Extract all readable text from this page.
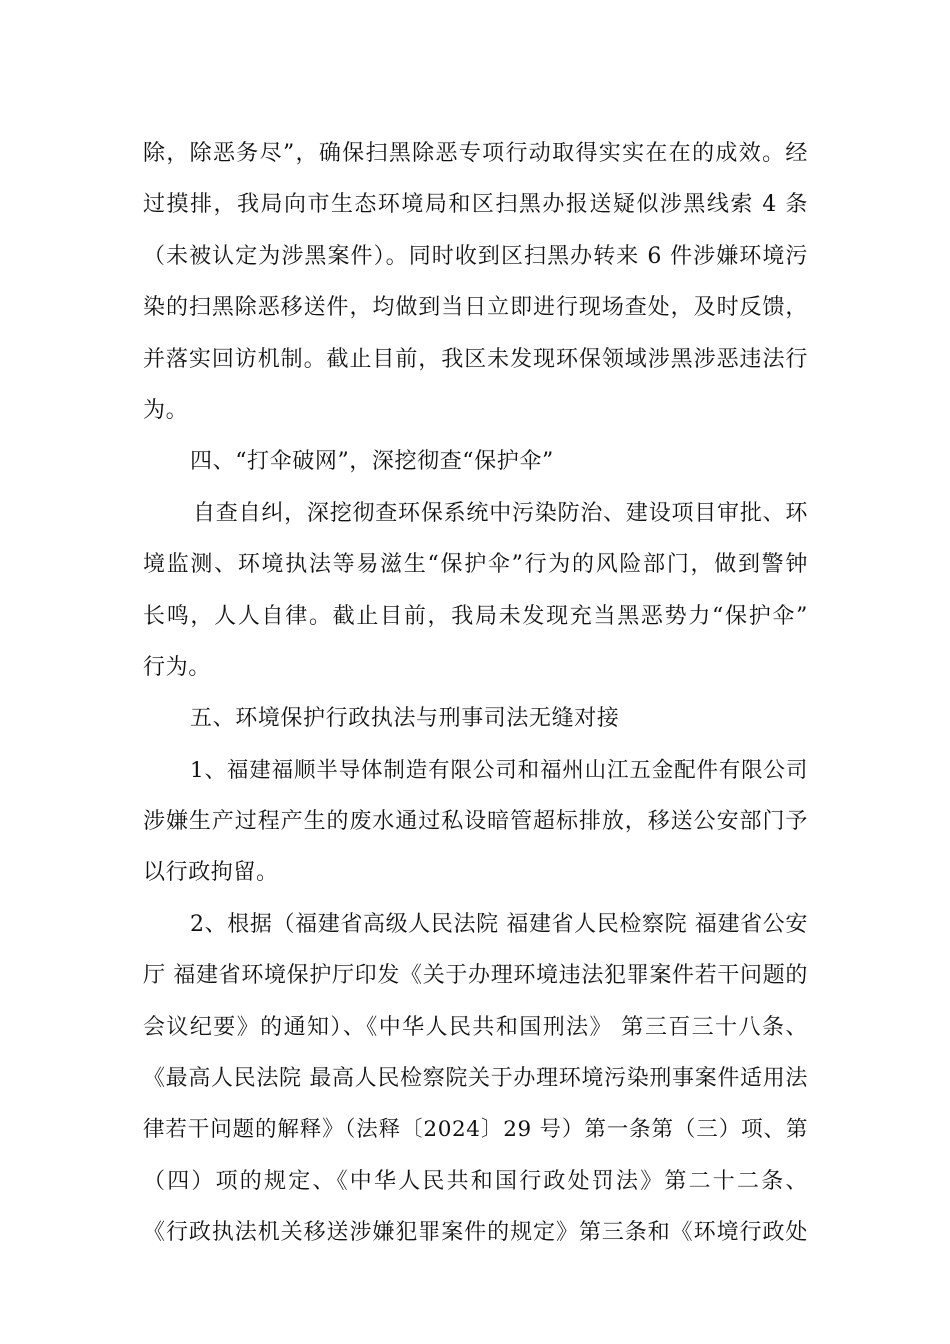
除，除恶务尽”，确保扫黑除恶专项行动取得实实在在的成效。经
过摸排，我局向市生态环境局和区扫黑办报送疑似涉黑线索 4 条
（未被认定为涉黑案件）。同时收到区扫黑办转来 6 件涉嫌环境污
染的扫黑除恶移送件，均做到当日立即进行现场查处，及时反馈，
并落实回访机制。截止目前，我区未发现环保领域涉黑涉恶违法行
为。
四、“打伞破网”，深挖彻查“保护伞”
自查自纠，深挖彻查环保系统中污染防治、建设项目审批、环
境监测、环境执法等易滋生“保护伞”行为的风险部门，做到警钟
长鸣，人人自律。截止目前，我局未发现充当黑恶势力“保护伞”
行为。
五、环境保护行政执法与刑事司法无缝对接
1、福建福顺半导体制造有限公司和福州山江五金配件有限公司
涉嫌生产过程产生的废水通过私设暗管超标排放，移送公安部门予
以行政拘留。
2、根据（福建省高级人民法院 福建省人民检察院 福建省公安
厅 福建省环境保护厅印发《关于办理环境违法犯罪案件若干问题的
会议纪要》的通知）、《中华人民共和国刑法》 第三百三十八条、
《最高人民法院 最高人民检察院关于办理环境污染刑事案件适用法
律若干问题的解释》（法释〔2024〕29 号）第一条第（三）项、第
（四）项的规定、《中华人民共和国行政处罚法》第二十二条、
《行政执法机关移送涉嫌犯罪案件的规定》第三条和《环境行政处
